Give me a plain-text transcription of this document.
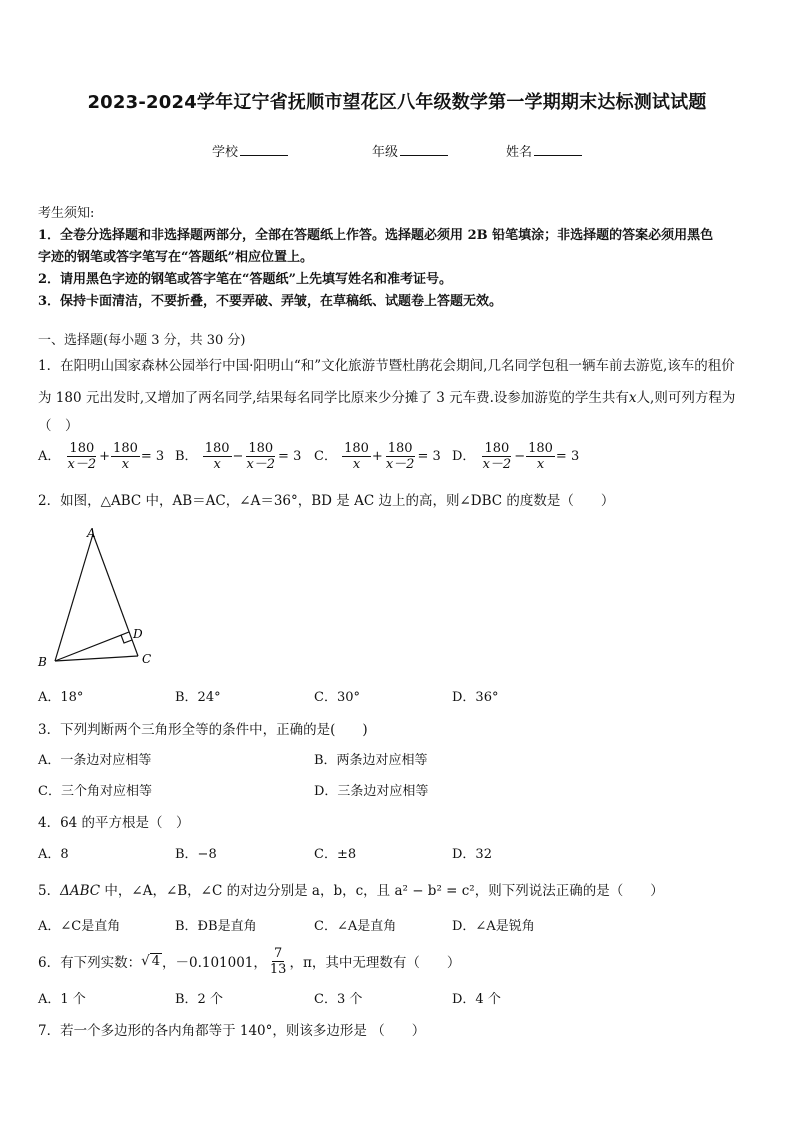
2023-2024学年辽宁省抚顺市望花区八年级数学第一学期期末达标测试试题
学校	年级	姓名
考生须知:
1．全卷分选择题和非选择题两部分，全部在答题纸上作答。选择题必须用 2B 铅笔填涂；非选择题的答案必须用黑色
字迹的钢笔或答字笔写在“答题纸”相应位置上。
2．请用黑色字迹的钢笔或答字笔在“答题纸”上先填写姓名和准考证号。
3．保持卡面清洁，不要折叠，不要弄破、弄皱，在草稿纸、试题卷上答题无效。
一、选择题(每小题 3 分，共 30 分)
1．在阳明山国家森林公园举行中国·阳明山“和”文化旅游节暨杜鹃花会期间,几名同学包租一辆车前去游览,该车的租价
为 180 元出发时,又增加了两名同学,结果每名同学比原来少分摊了 3 元车费.设参加游览的学生共有x人,则可列方程为
（　）
A． $\frac{180}{x-2} + \frac{180}{x} = 3$ B． $\frac{180}{x} - \frac{180}{x-2} = 3$ C． $\frac{180}{x} + \frac{180}{x-2} = 3$ D． $\frac{180}{x-2} - \frac{180}{x} = 3$
2．如图，△ABC 中，AB＝AC，∠A＝36°，BD 是 AC 边上的高，则∠DBC 的度数是（　　）
A
B	C
D
A．18°	B．24°	C．30°	D．36°
3．下列判断两个三角形全等的条件中，正确的是(　　)
A．一条边对应相等	B．两条边对应相等
C．三个角对应相等	D．三条边对应相等
4．64 的平方根是（　）
A．8	B．−8	C．±8	D．32
5．ΔABC 中，∠A，∠B，∠C 的对边分别是 a，b，c，且 a² − b² = c²，则下列说法正确的是（　　）
A．∠C是直角	B．ÐB是直角	C．∠A是直角	D．∠A是锐角
6．有下列实数： √ 4 ，－0.101001， $\frac{7}{13}$ ，π，其中无理数有（　　）
A．1 个	B．2 个	C．3 个	D．4 个
7．若一个多边形的各内角都等于 140°，则该多边形是 （　　）
